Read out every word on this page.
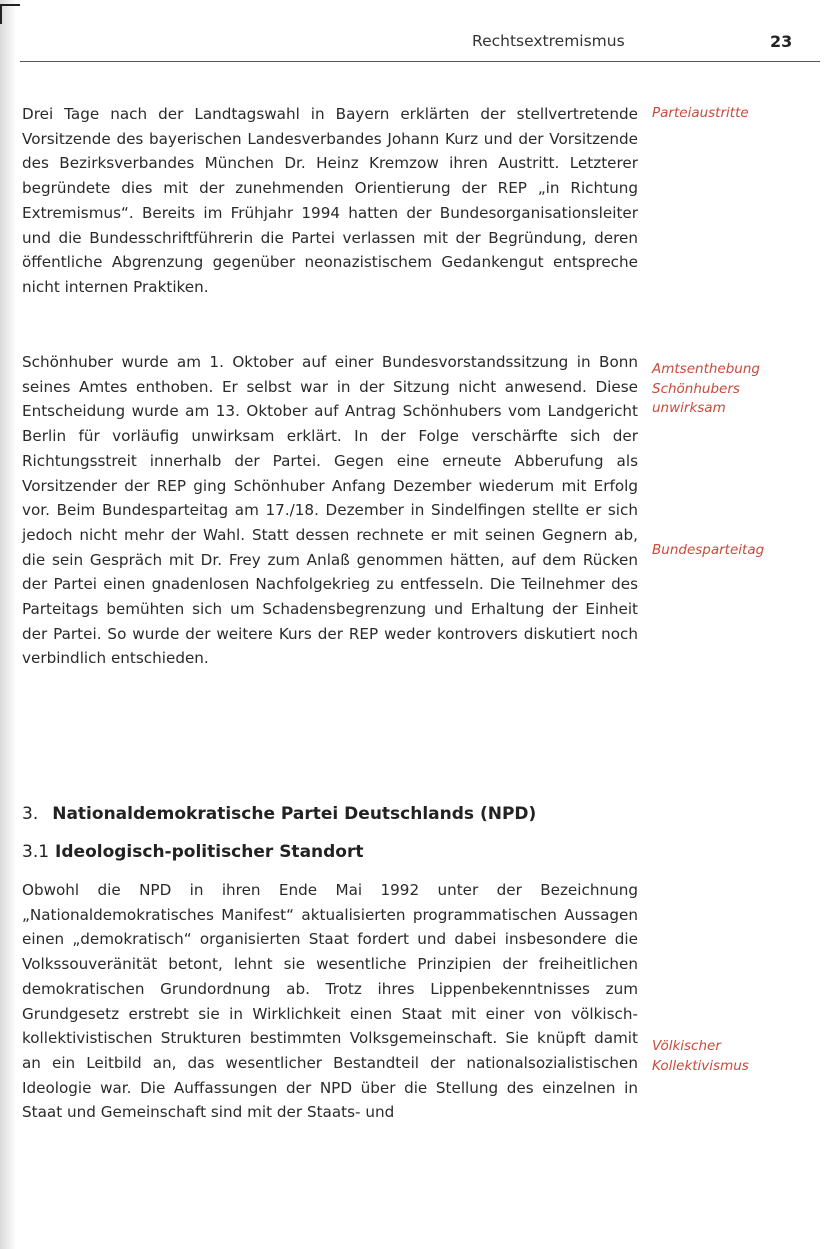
Rechtsextremismus	23

Drei Tage nach der Landtagswahl in Bayern erklärten der stellvertretende Vorsitzende des bayerischen Landesverbandes Johann Kurz und der Vorsitzende des Bezirksverbandes München Dr. Heinz Kremzow ihren Austritt. Letzterer begründete dies mit der zunehmenden Orientierung der REP „in Richtung Extremismus“. Bereits im Frühjahr 1994 hatten der Bundesorganisationsleiter und die Bundesschriftführerin die Partei verlassen mit der Begründung, deren öffentliche Abgrenzung gegenüber neonazistischem Gedankengut entspreche nicht internen Praktiken.

Schönhuber wurde am 1. Oktober auf einer Bundesvorstandssitzung in Bonn seines Amtes enthoben. Er selbst war in der Sitzung nicht anwesend. Diese Entscheidung wurde am 13. Oktober auf Antrag Schönhubers vom Landgericht Berlin für vorläufig unwirksam erklärt. In der Folge verschärfte sich der Richtungsstreit innerhalb der Partei. Gegen eine erneute Abberufung als Vorsitzender der REP ging Schönhuber Anfang Dezember wiederum mit Erfolg vor. Beim Bundesparteitag am 17./18. Dezember in Sindelfingen stellte er sich jedoch nicht mehr der Wahl. Statt dessen rechnete er mit seinen Gegnern ab, die sein Gespräch mit Dr. Frey zum Anlaß genommen hätten, auf dem Rücken der Partei einen gnadenlosen Nachfolgekrieg zu entfesseln. Die Teilnehmer des Parteitags bemühten sich um Schadensbegrenzung und Erhaltung der Einheit der Partei. So wurde der weitere Kurs der REP weder kontrovers diskutiert noch verbindlich entschieden.

3. Nationaldemokratische Partei Deutschlands (NPD)
3.1 Ideologisch-politischer Standort

Obwohl die NPD in ihren Ende Mai 1992 unter der Bezeichnung „Nationaldemokratisches Manifest“ aktualisierten programmatischen Aussagen einen „demokratisch“ organisierten Staat fordert und dabei insbesondere die Volkssouveränität betont, lehnt sie wesentliche Prinzipien der freiheitlichen demokratischen Grundordnung ab. Trotz ihres Lippenbekenntnisses zum Grundgesetz erstrebt sie in Wirklichkeit einen Staat mit einer von völkisch-kollektivistischen Strukturen bestimmten Volksgemeinschaft. Sie knüpft damit an ein Leitbild an, das wesentlicher Bestandteil der nationalsozialistischen Ideologie war. Die Auffassungen der NPD über die Stellung des einzelnen in Staat und Gemeinschaft sind mit der Staats- und

Parteiaustritte
Amtsenthebung
Schönhubers
unwirksam
Bundesparteitag
Völkischer
Kollektivismus
